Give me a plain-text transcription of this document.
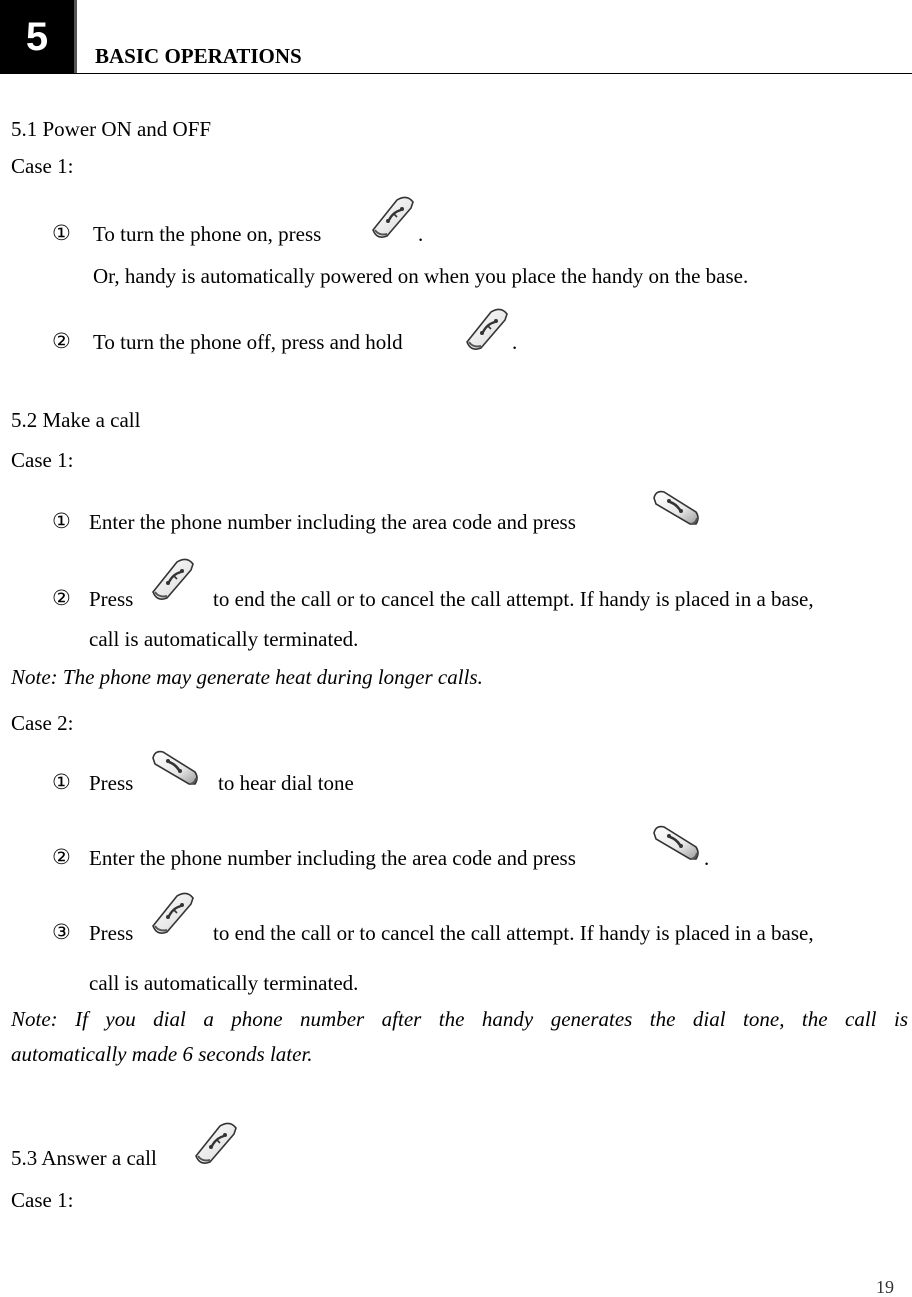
5 BASIC OPERATIONS
5.1 Power ON and OFF
Case 1:
① To turn the phone on, press	.
Or, handy is automatically powered on when you place the handy on the base.
② To turn the phone off, press and hold	.
5.2 Make a call
Case 1:
① Enter the phone number including the area code and press
② Press	to end the call or to cancel the call attempt. If handy is placed in a base,
call is automatically terminated.
Note: The phone may generate heat during longer calls.
Case 2:
① Press	to hear dial tone
② Enter the phone number including the area code and press	.
③ Press	to end the call or to cancel the call attempt. If handy is placed in a base,
call is automatically terminated.
Note: If you dial a phone number after the handy generates the dial tone, the call is
automatically made 6 seconds later.
5.3 Answer a call
Case 1:
19
